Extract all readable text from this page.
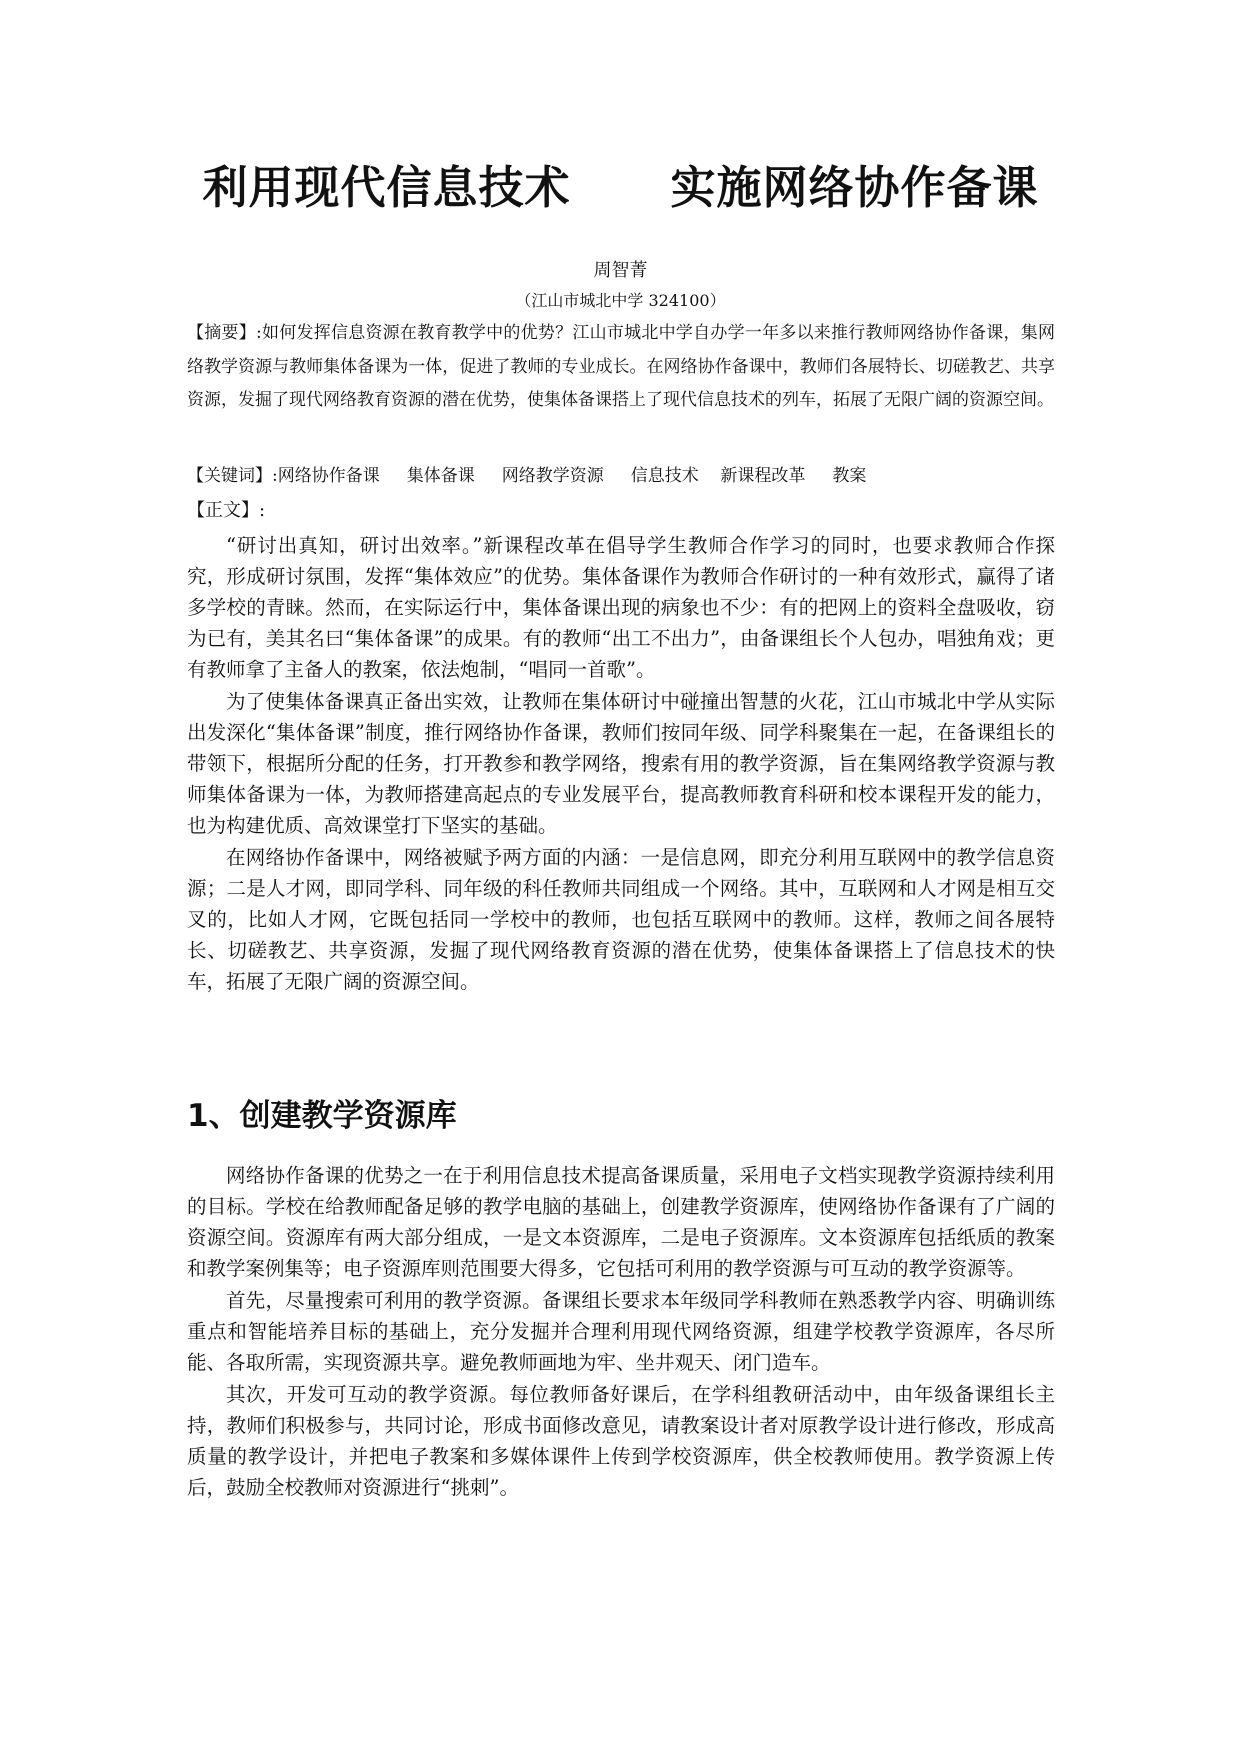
利用现代信息技术      实施网络协作备课
周智菁
（江山市城北中学 324100）
【摘要】:如何发挥信息资源在教育教学中的优势？江山市城北中学自办学一年多以来推行教师网络协作备课，集网络教学资源与教师集体备课为一体，促进了教师的专业成长。在网络协作备课中，教师们各展特长、切磋教艺、共享资源，发掘了现代网络教育资源的潜在优势，使集体备课搭上了现代信息技术的列车，拓展了无限广阔的资源空间。
【关键词】:网络协作备课     集体备课     网络教学资源     信息技术    新课程改革     教案
【正文】:

“研讨出真知，研讨出效率。”新课程改革在倡导学生教师合作学习的同时，也要求教师合作探究，形成研讨氛围，发挥“集体效应”的优势。集体备课作为教师合作研讨的一种有效形式，赢得了诸多学校的青睐。然而，在实际运行中，集体备课出现的病象也不少：有的把网上的资料全盘吸收，窃为已有，美其名曰“集体备课”的成果。有的教师“出工不出力”，由备课组长个人包办，唱独角戏；更有教师拿了主备人的教案，依法炮制，“唱同一首歌”。

为了使集体备课真正备出实效，让教师在集体研讨中碰撞出智慧的火花，江山市城北中学从实际出发深化“集体备课”制度，推行网络协作备课，教师们按同年级、同学科聚集在一起，在备课组长的带领下，根据所分配的任务，打开教参和教学网络，搜索有用的教学资源，旨在集网络教学资源与教师集体备课为一体，为教师搭建高起点的专业发展平台，提高教师教育科研和校本课程开发的能力，也为构建优质、高效课堂打下坚实的基础。

在网络协作备课中，网络被赋予两方面的内涵：一是信息网，即充分利用互联网中的教学信息资源；二是人才网，即同学科、同年级的科任教师共同组成一个网络。其中，互联网和人才网是相互交叉的，比如人才网，它既包括同一学校中的教师，也包括互联网中的教师。这样，教师之间各展特长、切磋教艺、共享资源，发掘了现代网络教育资源的潜在优势，使集体备课搭上了信息技术的快车，拓展了无限广阔的资源空间。

1、创建教学资源库

网络协作备课的优势之一在于利用信息技术提高备课质量，采用电子文档实现教学资源持续利用的目标。学校在给教师配备足够的教学电脑的基础上，创建教学资源库，使网络协作备课有了广阔的资源空间。资源库有两大部分组成，一是文本资源库，二是电子资源库。文本资源库包括纸质的教案和教学案例集等；电子资源库则范围要大得多，它包括可利用的教学资源与可互动的教学资源等。

首先，尽量搜索可利用的教学资源。备课组长要求本年级同学科教师在熟悉教学内容、明确训练重点和智能培养目标的基础上，充分发掘并合理利用现代网络资源，组建学校教学资源库，各尽所能、各取所需，实现资源共享。避免教师画地为牢、坐井观天、闭门造车。

其次，开发可互动的教学资源。每位教师备好课后，在学科组教研活动中，由年级备课组长主持，教师们积极参与，共同讨论，形成书面修改意见，请教案设计者对原教学设计进行修改，形成高质量的教学设计，并把电子教案和多媒体课件上传到学校资源库，供全校教师使用。教学资源上传后，鼓励全校教师对资源进行“挑刺”。
